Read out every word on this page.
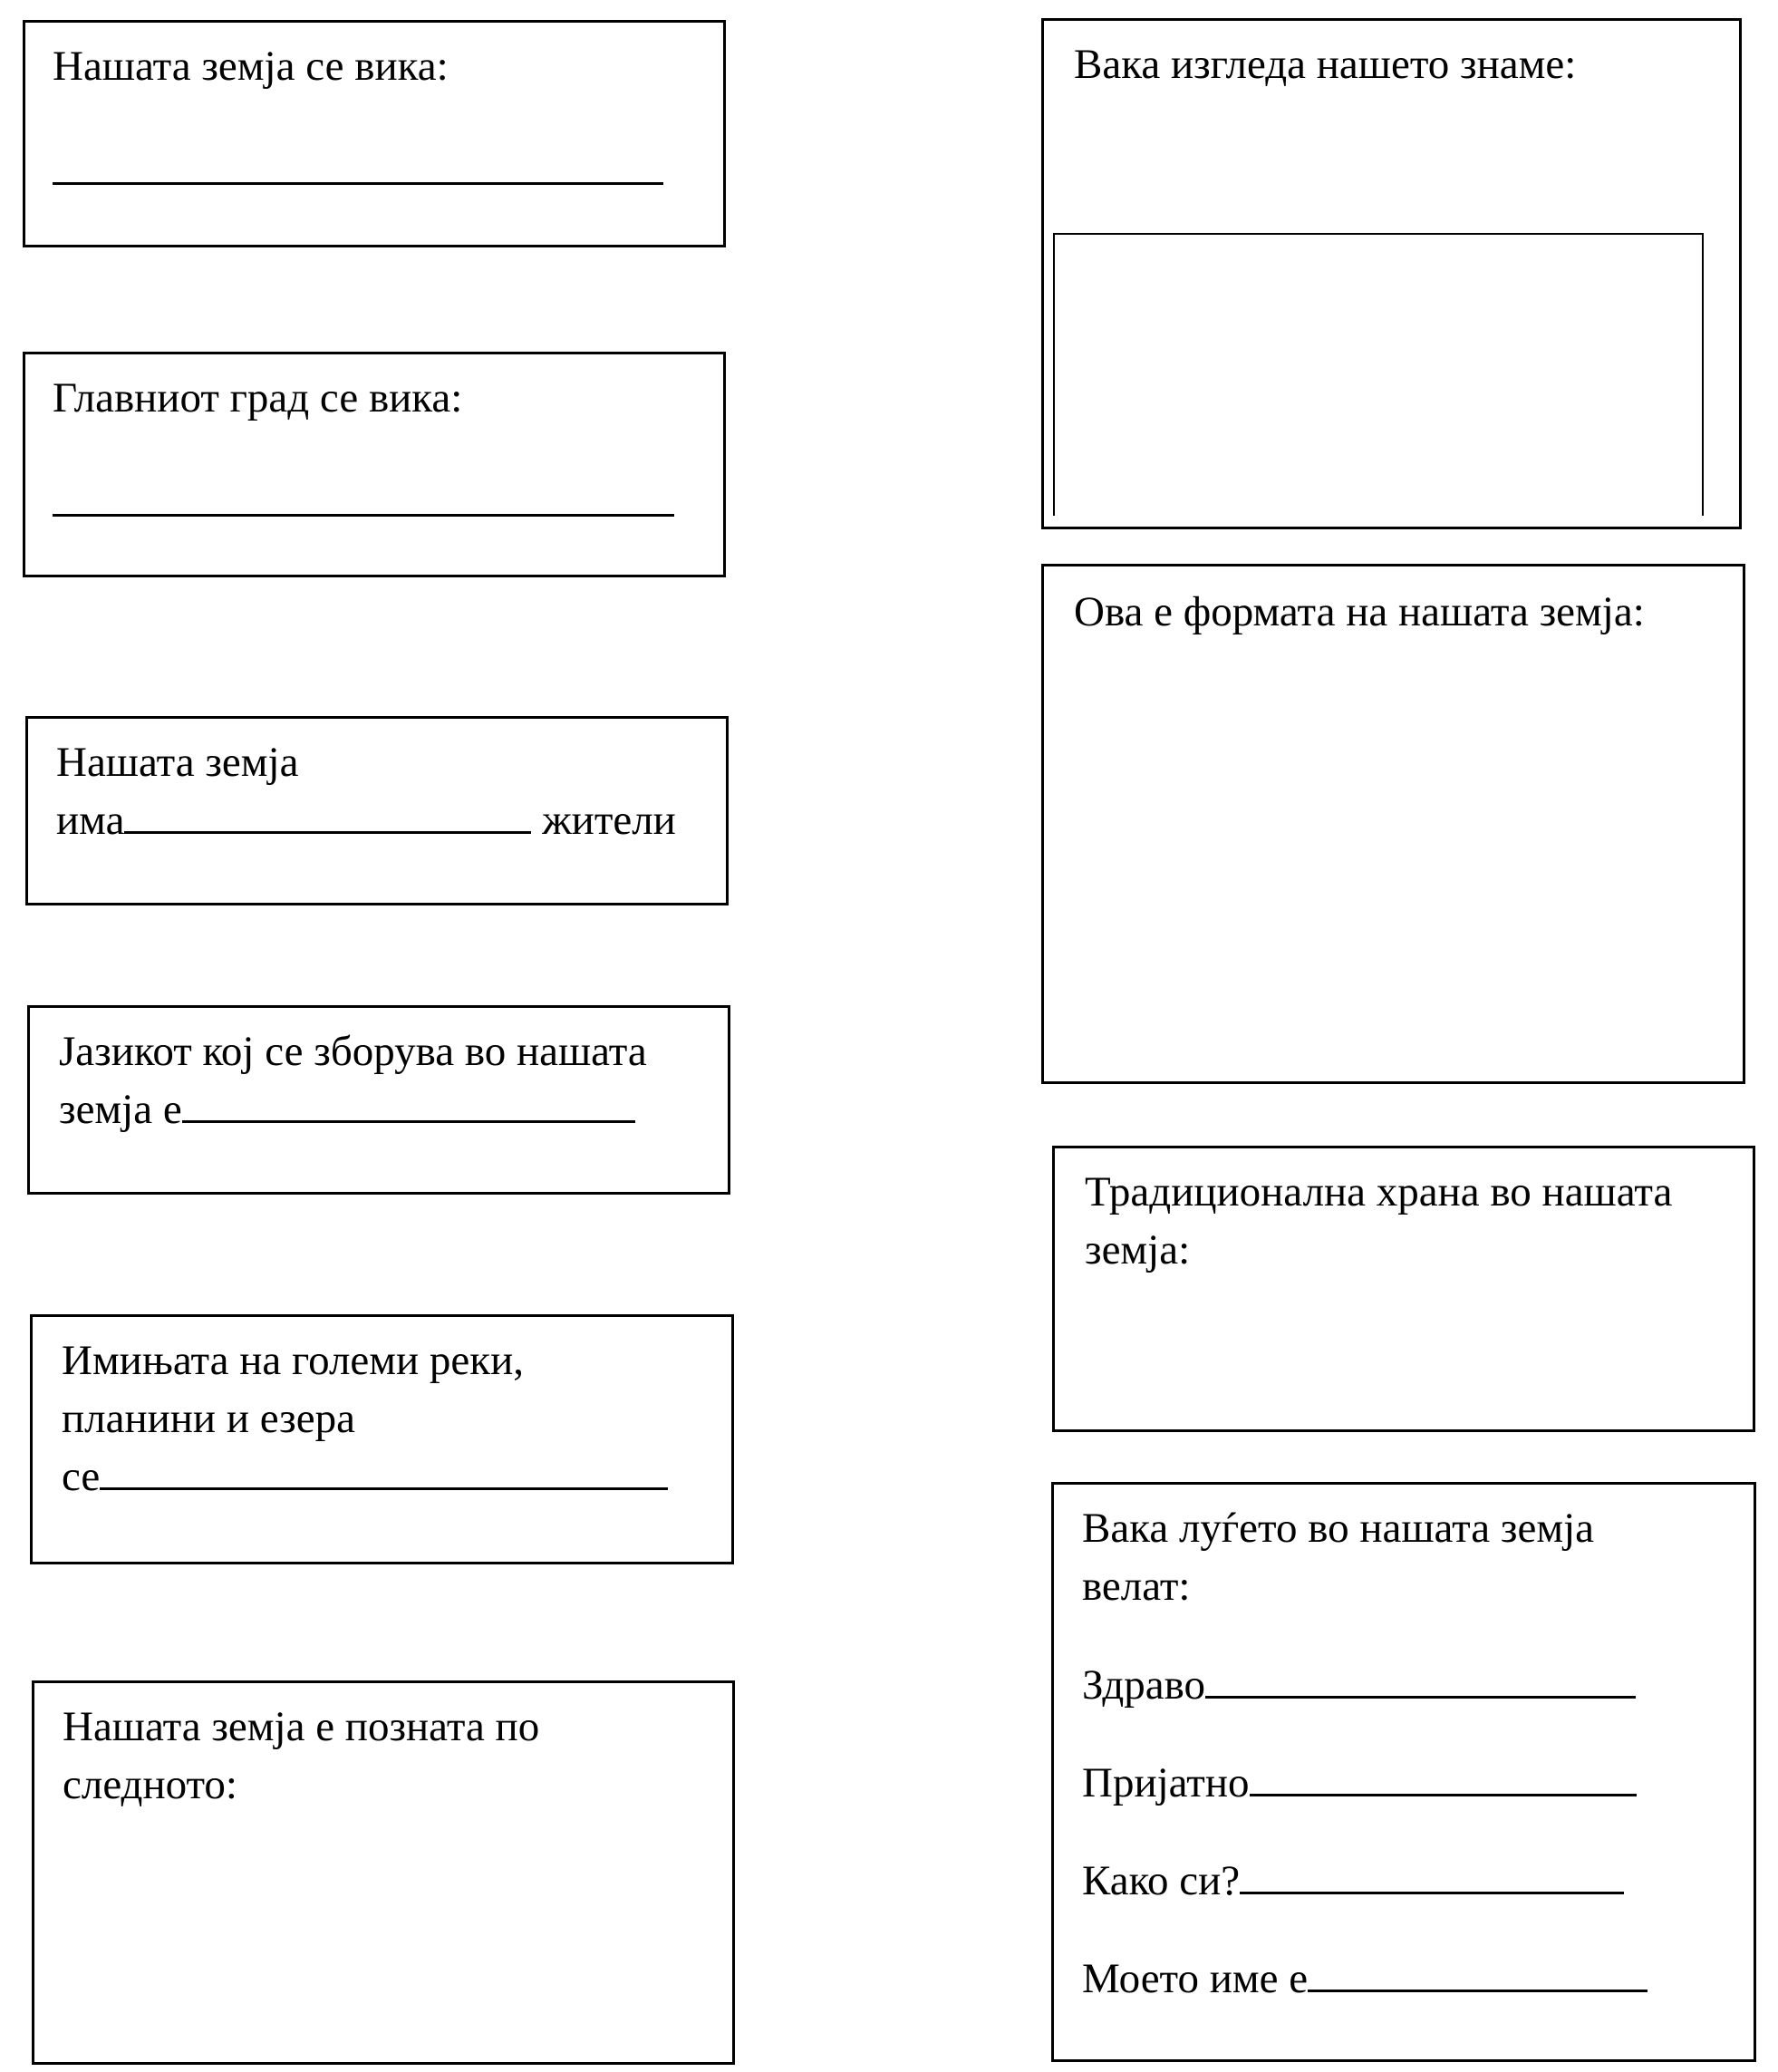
Нашата земја се вика:
Главниот град се вика:
Нашата земја
има	жители
Јазикот кој се зборува во нашата
земја е
Имињата на големи реки,
планини и езера
се
Нашата земја е позната по
следното:
Вака изгледа нашето знаме:
Ова е формата на нашата земја:
Традиционална храна во нашата
земја:
Вака луѓето во нашата земја
велат:
Здраво
Пријатно
Како си?
Моето име е
